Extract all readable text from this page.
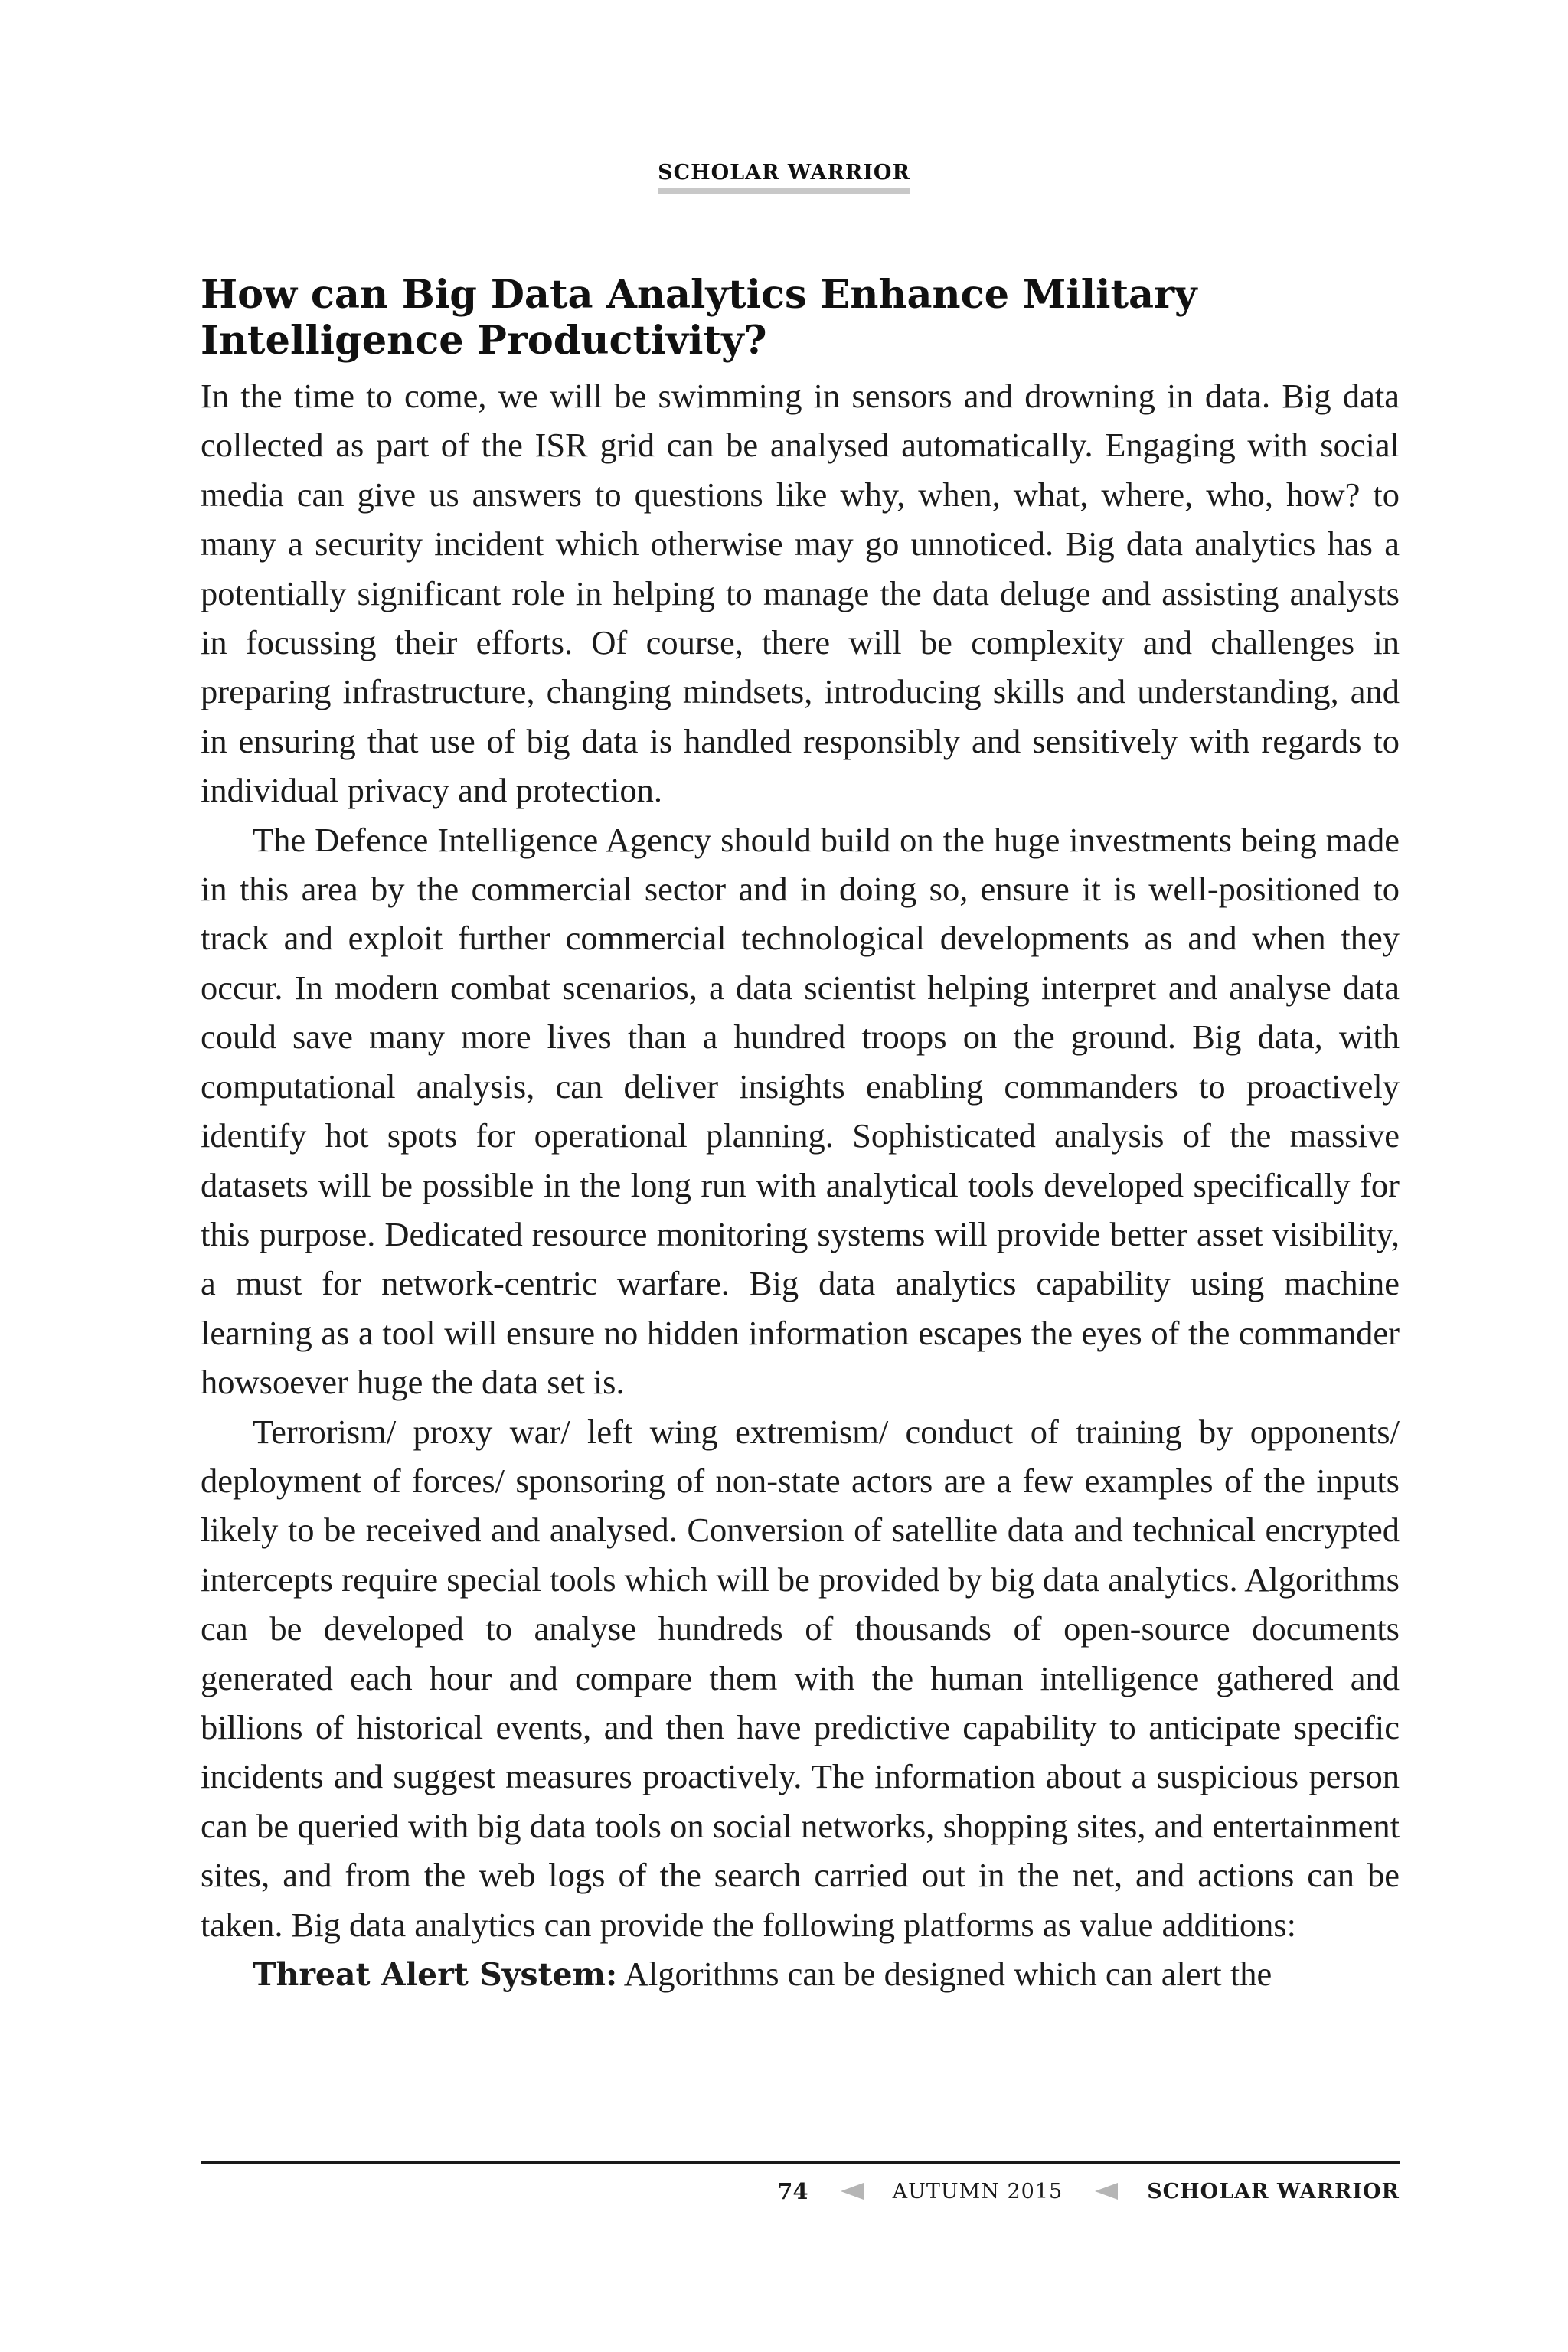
SCHOLAR WARRIOR
How can Big Data Analytics Enhance Military Intelligence Productivity?

In the time to come, we will be swimming in sensors and drowning in data. Big data collected as part of the ISR grid can be analysed automatically. Engaging with social media can give us answers to questions like why, when, what, where, who, how? to many a security incident which otherwise may go unnoticed. Big data analytics has a potentially significant role in helping to manage the data deluge and assisting analysts in focussing their efforts. Of course, there will be complexity and challenges in preparing infrastructure, changing mindsets, introducing skills and understanding, and in ensuring that use of big data is handled responsibly and sensitively with regards to individual privacy and protection.

The Defence Intelligence Agency should build on the huge investments being made in this area by the commercial sector and in doing so, ensure it is well-positioned to track and exploit further commercial technological developments as and when they occur. In modern combat scenarios, a data scientist helping interpret and analyse data could save many more lives than a hundred troops on the ground. Big data, with computational analysis, can deliver insights enabling commanders to proactively identify hot spots for operational planning. Sophisticated analysis of the massive datasets will be possible in the long run with analytical tools developed specifically for this purpose. Dedicated resource monitoring systems will provide better asset visibility, a must for network-centric warfare. Big data analytics capability using machine learning as a tool will ensure no hidden information escapes the eyes of the commander howsoever huge the data set is.

Terrorism/ proxy war/ left wing extremism/ conduct of training by opponents/ deployment of forces/ sponsoring of non-state actors are a few examples of the inputs likely to be received and analysed. Conversion of satellite data and technical encrypted intercepts require special tools which will be provided by big data analytics. Algorithms can be developed to analyse hundreds of thousands of open-source documents generated each hour and compare them with the human intelligence gathered and billions of historical events, and then have predictive capability to anticipate specific incidents and suggest measures proactively. The information about a suspicious person can be queried with big data tools on social networks, shopping sites, and entertainment sites, and from the web logs of the search carried out in the net, and actions can be taken. Big data analytics can provide the following platforms as value additions:

Threat Alert System: Algorithms can be designed which can alert the

74	AUTUMN 2015	SCHOLAR WARRIOR
